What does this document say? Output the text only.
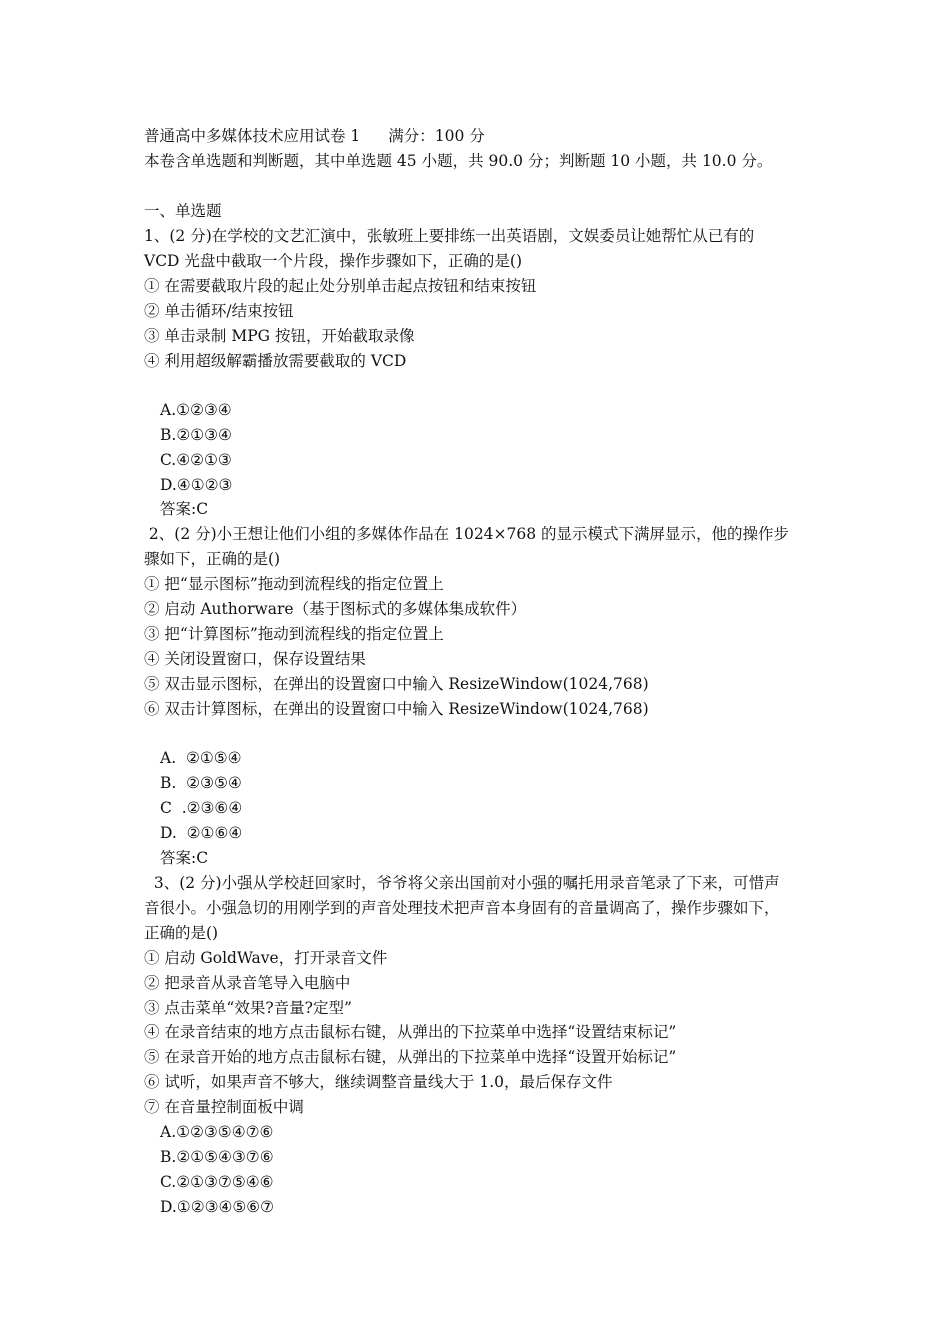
普通高中多媒体技术应用试卷 1 满分：100 分
本卷含单选题和判断题，其中单选题 45 小题，共 90.0 分；判断题 10 小题，共 10.0 分。
一、单选题
1、(2 分)在学校的文艺汇演中，张敏班上要排练一出英语剧，文娱委员让她帮忙从已有的
VCD 光盘中截取一个片段，操作步骤如下，正确的是()
① 在需要截取片段的起止处分别单击起点按钮和结束按钮
② 单击循环/结束按钮
③ 单击录制 MPG 按钮，开始截取录像
④ 利用超级解霸播放需要截取的 VCD
A.①②③④
B.②①③④
C.④②①③
D.④①②③
答案:C
2、(2 分)小王想让他们小组的多媒体作品在 1024×768 的显示模式下满屏显示，他的操作步
骤如下，正确的是()
① 把“显示图标”拖动到流程线的指定位置上
② 启动 Authorware（基于图标式的多媒体集成软件）
③ 把“计算图标”拖动到流程线的指定位置上
④ 关闭设置窗口，保存设置结果
⑤ 双击显示图标，在弹出的设置窗口中输入 ResizeWindow(1024,768)
⑥ 双击计算图标，在弹出的设置窗口中输入 ResizeWindow(1024,768)
A.  ②①⑤④
B.  ②③⑤④
C  .②③⑥④
D.  ②①⑥④
答案:C
3、(2 分)小强从学校赶回家时，爷爷将父亲出国前对小强的嘱托用录音笔录了下来，可惜声
音很小。小强急切的用刚学到的声音处理技术把声音本身固有的音量调高了，操作步骤如下，
正确的是()
① 启动 GoldWave，打开录音文件
② 把录音从录音笔导入电脑中
③ 点击菜单“效果?音量?定型”
④ 在录音结束的地方点击鼠标右键，从弹出的下拉菜单中选择“设置结束标记”
⑤ 在录音开始的地方点击鼠标右键，从弹出的下拉菜单中选择“设置开始标记”
⑥ 试听，如果声音不够大，继续调整音量线大于 1.0，最后保存文件
⑦ 在音量控制面板中调
A.①②③⑤④⑦⑥
B.②①⑤④③⑦⑥
C.②①③⑦⑤④⑥
D.①②③④⑤⑥⑦
